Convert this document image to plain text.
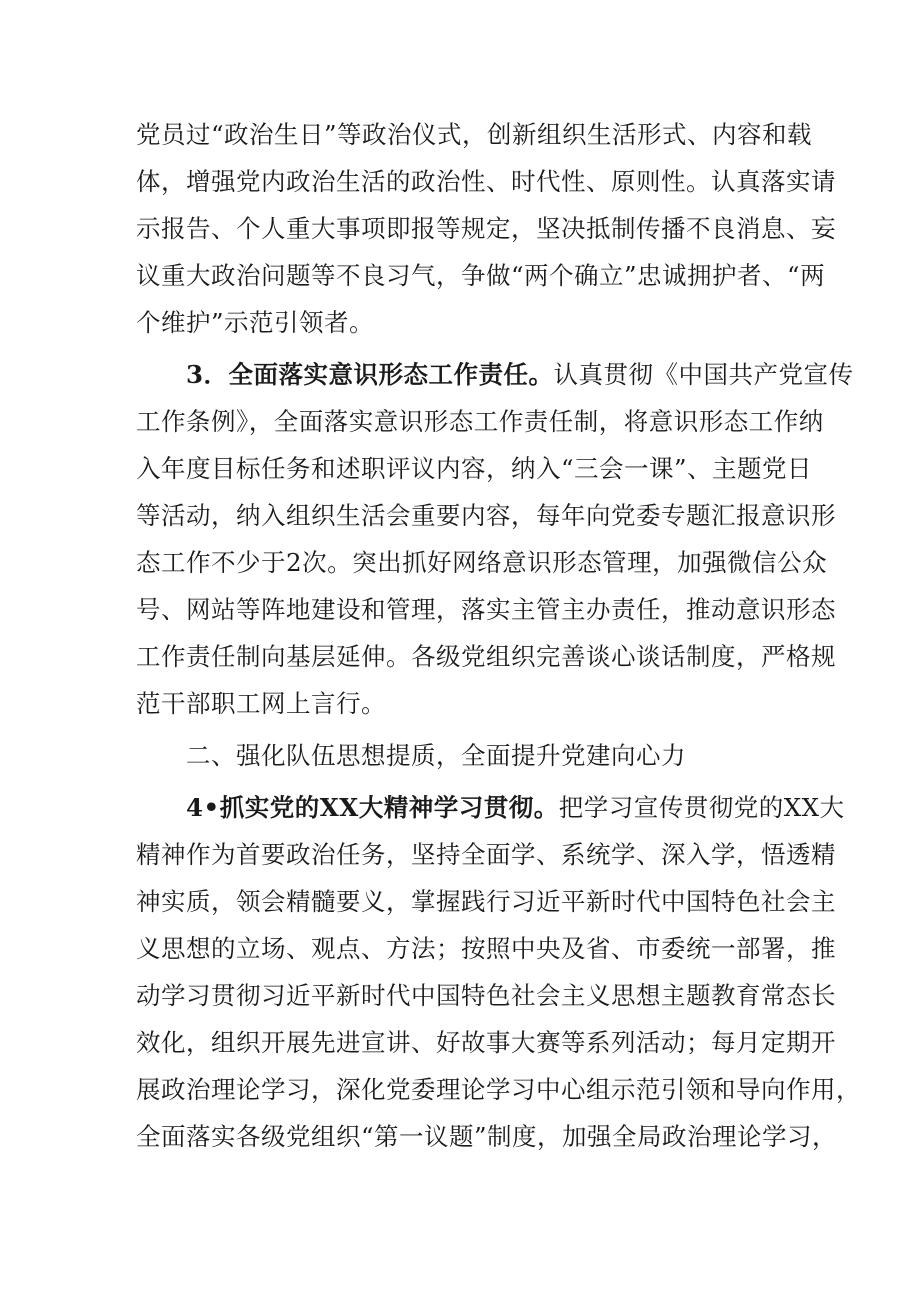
党员过“政治生日”等政治仪式，创新组织生活形式、内容和载
体，增强党内政治生活的政治性、时代性、原则性。认真落实请
示报告、个人重大事项即报等规定，坚决抵制传播不良消息、妄
议重大政治问题等不良习气，争做“两个确立”忠诚拥护者、“两
个维护”示范引领者。
3．全面落实意识形态工作责任。认真贯彻《中国共产党宣传
工作条例》，全面落实意识形态工作责任制，将意识形态工作纳
入年度目标任务和述职评议内容，纳入“三会一课”、主题党日
等活动，纳入组织生活会重要内容，每年向党委专题汇报意识形
态工作不少于2次。突出抓好网络意识形态管理，加强微信公众
号、网站等阵地建设和管理，落实主管主办责任，推动意识形态
工作责任制向基层延伸。各级党组织完善谈心谈话制度，严格规
范干部职工网上言行。
二、强化队伍思想提质，全面提升党建向心力
4•抓实党的XX大精神学习贯彻。把学习宣传贯彻党的XX大
精神作为首要政治任务，坚持全面学、系统学、深入学，悟透精
神实质，领会精髓要义，掌握践行习近平新时代中国特色社会主
义思想的立场、观点、方法；按照中央及省、市委统一部署，推
动学习贯彻习近平新时代中国特色社会主义思想主题教育常态长
效化，组织开展先进宣讲、好故事大赛等系列活动；每月定期开
展政治理论学习，深化党委理论学习中心组示范引领和导向作用，
全面落实各级党组织“第一议题”制度，加强全局政治理论学习，
